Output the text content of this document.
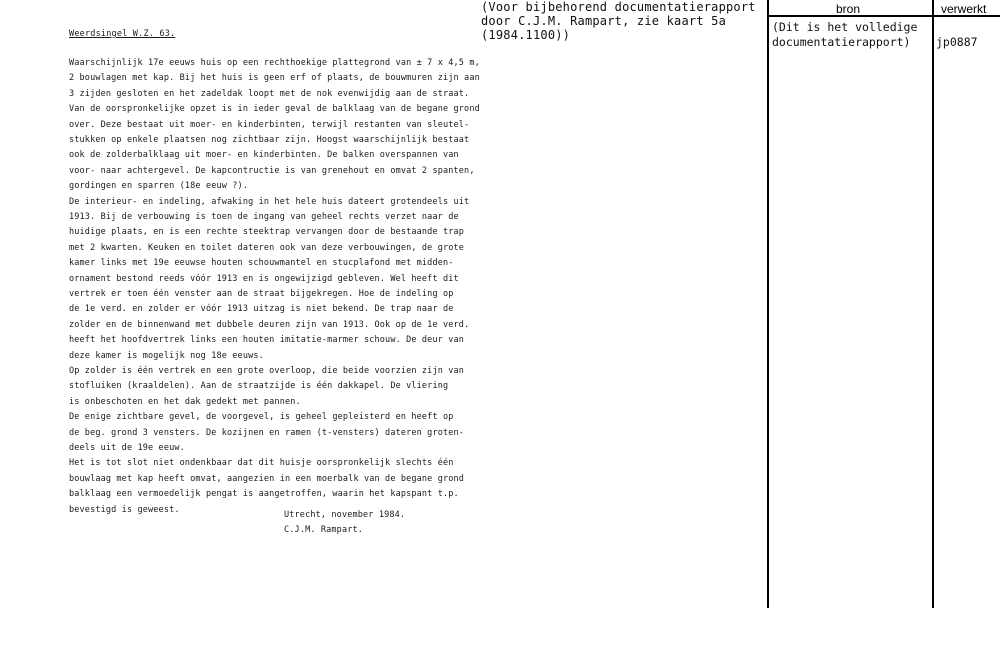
Weerdsingel W.Z. 63.
Waarschijnlijk 17e eeuws huis op een rechthoekige plattegrond van ± 7 x 4,5 m,
2 bouwlagen met kap. Bij het huis is geen erf of plaats, de bouwmuren zijn aan
3 zijden gesloten en het zadeldak loopt met de nok evenwijdig aan de straat.
Van de oorspronkelijke opzet is in ieder geval de balklaag van de begane grond
over. Deze bestaat uit moer- en kinderbinten, terwijl restanten van sleutel-
stukken op enkele plaatsen nog zichtbaar zijn. Hoogst waarschijnlijk bestaat
ook de zolderbalklaag uit moer- en kinderbinten. De balken overspannen van
voor- naar achtergevel. De kapcontructie is van grenehout en omvat 2 spanten,
gordingen en sparren (18e eeuw ?).
De interieur- en indeling, afwaking in het hele huis dateert grotendeels uit
1913. Bij de verbouwing is toen de ingang van geheel rechts verzet naar de
huidige plaats, en is een rechte steektrap vervangen door de bestaande trap
met 2 kwarten. Keuken en toilet dateren ook van deze verbouwingen, de grote
kamer links met 19e eeuwse houten schouwmantel en stucplafond met midden-
ornament bestond reeds vóór 1913 en is ongewijzigd gebleven. Wel heeft dit
vertrek er toen één venster aan de straat bijgekregen. Hoe de indeling op
de 1e verd. en zolder er vóór 1913 uitzag is niet bekend. De trap naar de
zolder en de binnenwand met dubbele deuren zijn van 1913. Ook op de 1e verd.
heeft het hoofdvertrek links een houten imitatie-marmer schouw. De deur van
deze kamer is mogelijk nog 18e eeuws.
Op zolder is één vertrek en een grote overloop, die beide voorzien zijn van
stofluiken (kraaldelen). Aan de straatzijde is één dakkapel. De vliering
is onbeschoten en het dak gedekt met pannen.
De enige zichtbare gevel, de voorgevel, is geheel gepleisterd en heeft op
de beg. grond 3 vensters. De kozijnen en ramen (t-vensters) dateren groten-
deels uit de 19e eeuw.
Het is tot slot niet ondenkbaar dat dit huisje oorspronkelijk slechts één
bouwlaag met kap heeft omvat, aangezien in een moerbalk van de begane grond
balklaag een vermoedelijk pengat is aangetroffen, waarin het kapspant t.p.
bevestigd is geweest.
Utrecht, november 1984.
C.J.M. Rampart.
(Voor bijbehorend documentatierapport
door C.J.M. Rampart, zie kaart 5a
(1984.1100))
bron	verwerkt
(Dit is het volledige
documentatierapport) jp0887
